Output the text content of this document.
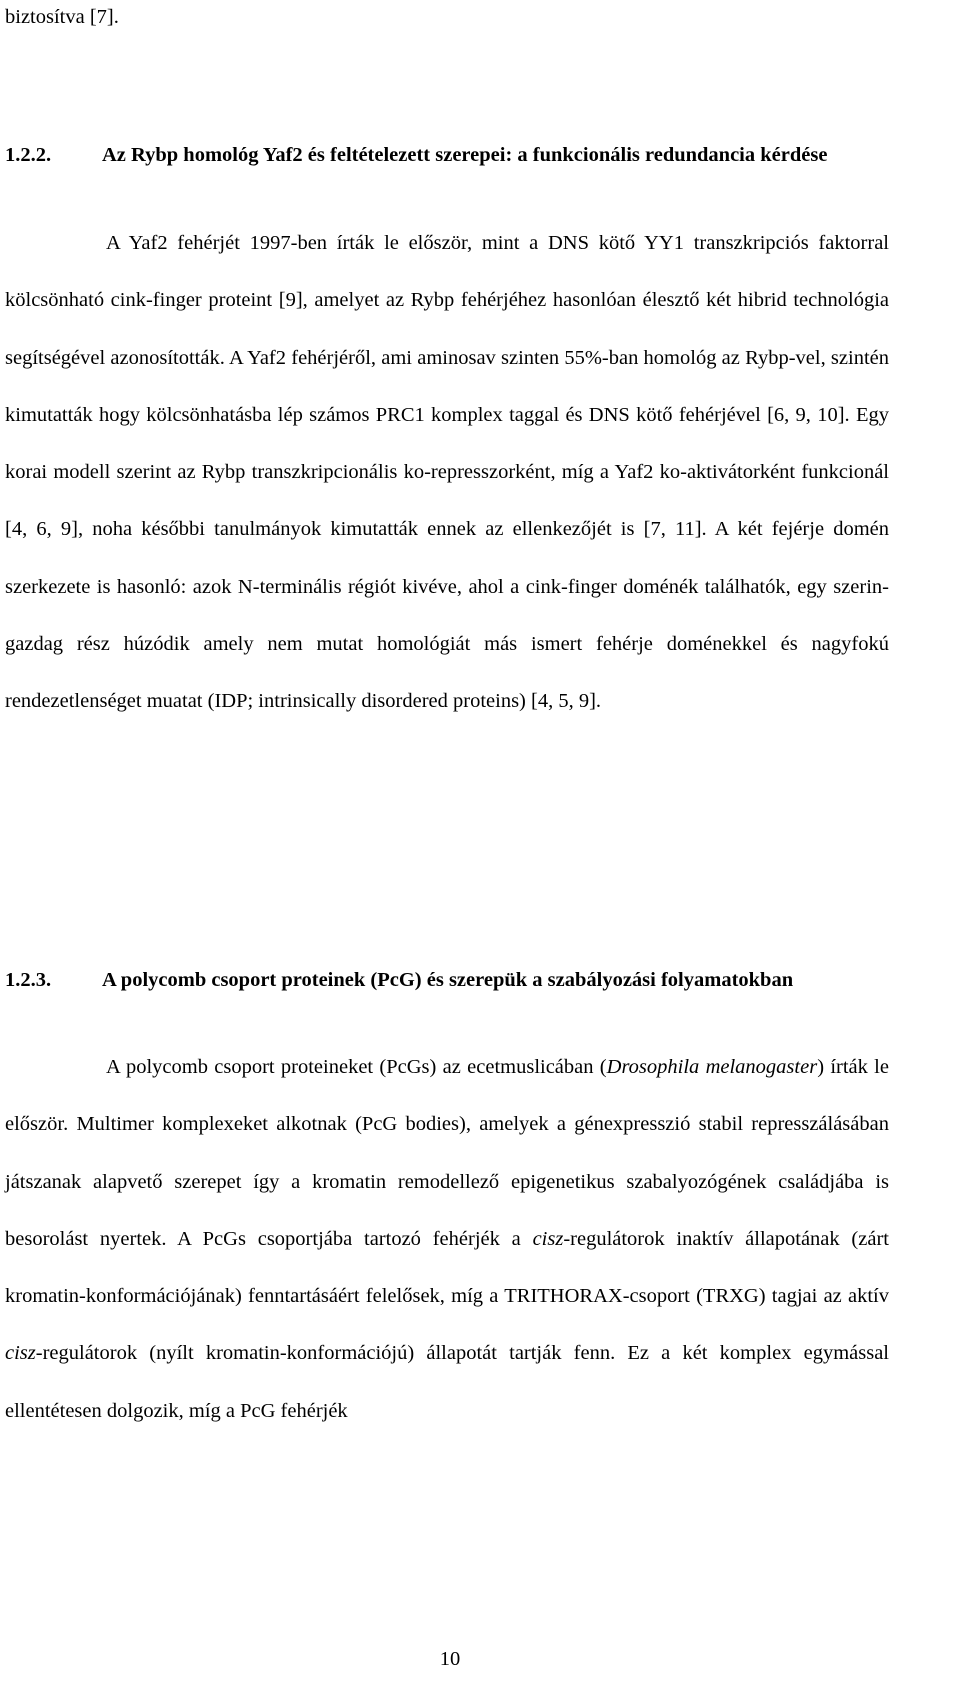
biztosítva [7].
1.2.2. Az Rybp homológ Yaf2 és feltételezett szerepei: a funkcionális redundancia kérdése

A Yaf2 fehérjét 1997-ben írták le először, mint a DNS kötő YY1 transzkripciós faktorral kölcsönható cink-finger proteint [9], amelyet az Rybp fehérjéhez hasonlóan élesztő két hibrid technológia segítségével azonosították. A Yaf2 fehérjéről, ami aminosav szinten 55%-ban homológ az Rybp-vel, szintén kimutatták hogy kölcsönhatásba lép számos PRC1 komplex taggal és DNS kötő fehérjével [6, 9, 10]. Egy korai modell szerint az Rybp transzkripcionális ko-represszorként, míg a Yaf2 ko-aktivátorként funkcionál [4, 6, 9], noha későbbi tanulmányok kimutatták ennek az ellenkezőjét is [7, 11]. A két fejérje domén szerkezete is hasonló: azok N-terminális régiót kivéve, ahol a cink-finger doménék találhatók, egy szerin-gazdag rész húzódik amely nem mutat homológiát más ismert fehérje doménekkel és nagyfokú rendezetlenséget muatat (IDP; intrinsically disordered proteins) [4, 5, 9].

1.2.3. A polycomb csoport proteinek (PcG) és szerepük a szabályozási folyamatokban

A polycomb csoport proteineket (PcGs) az ecetmuslicában (Drosophila melanogaster) írták le először. Multimer komplexeket alkotnak (PcG bodies), amelyek a génexpresszió stabil represszálásában játszanak alapvető szerepet így a kromatin remodellező epigenetikus szabalyozógének családjába is besorolást nyertek. A PcGs csoportjába tartozó fehérjék a cisz-regulátorok inaktív állapotának (zárt kromatin-konformációjának) fenntartásáért felelősek, míg a TRITHORAX-csoport (TRXG) tagjai az aktív cisz-regulátorok (nyílt kromatin-konformációjú) állapotát tartják fenn. Ez a két komplex egymással ellentétesen dolgozik, míg a PcG fehérjék

10
